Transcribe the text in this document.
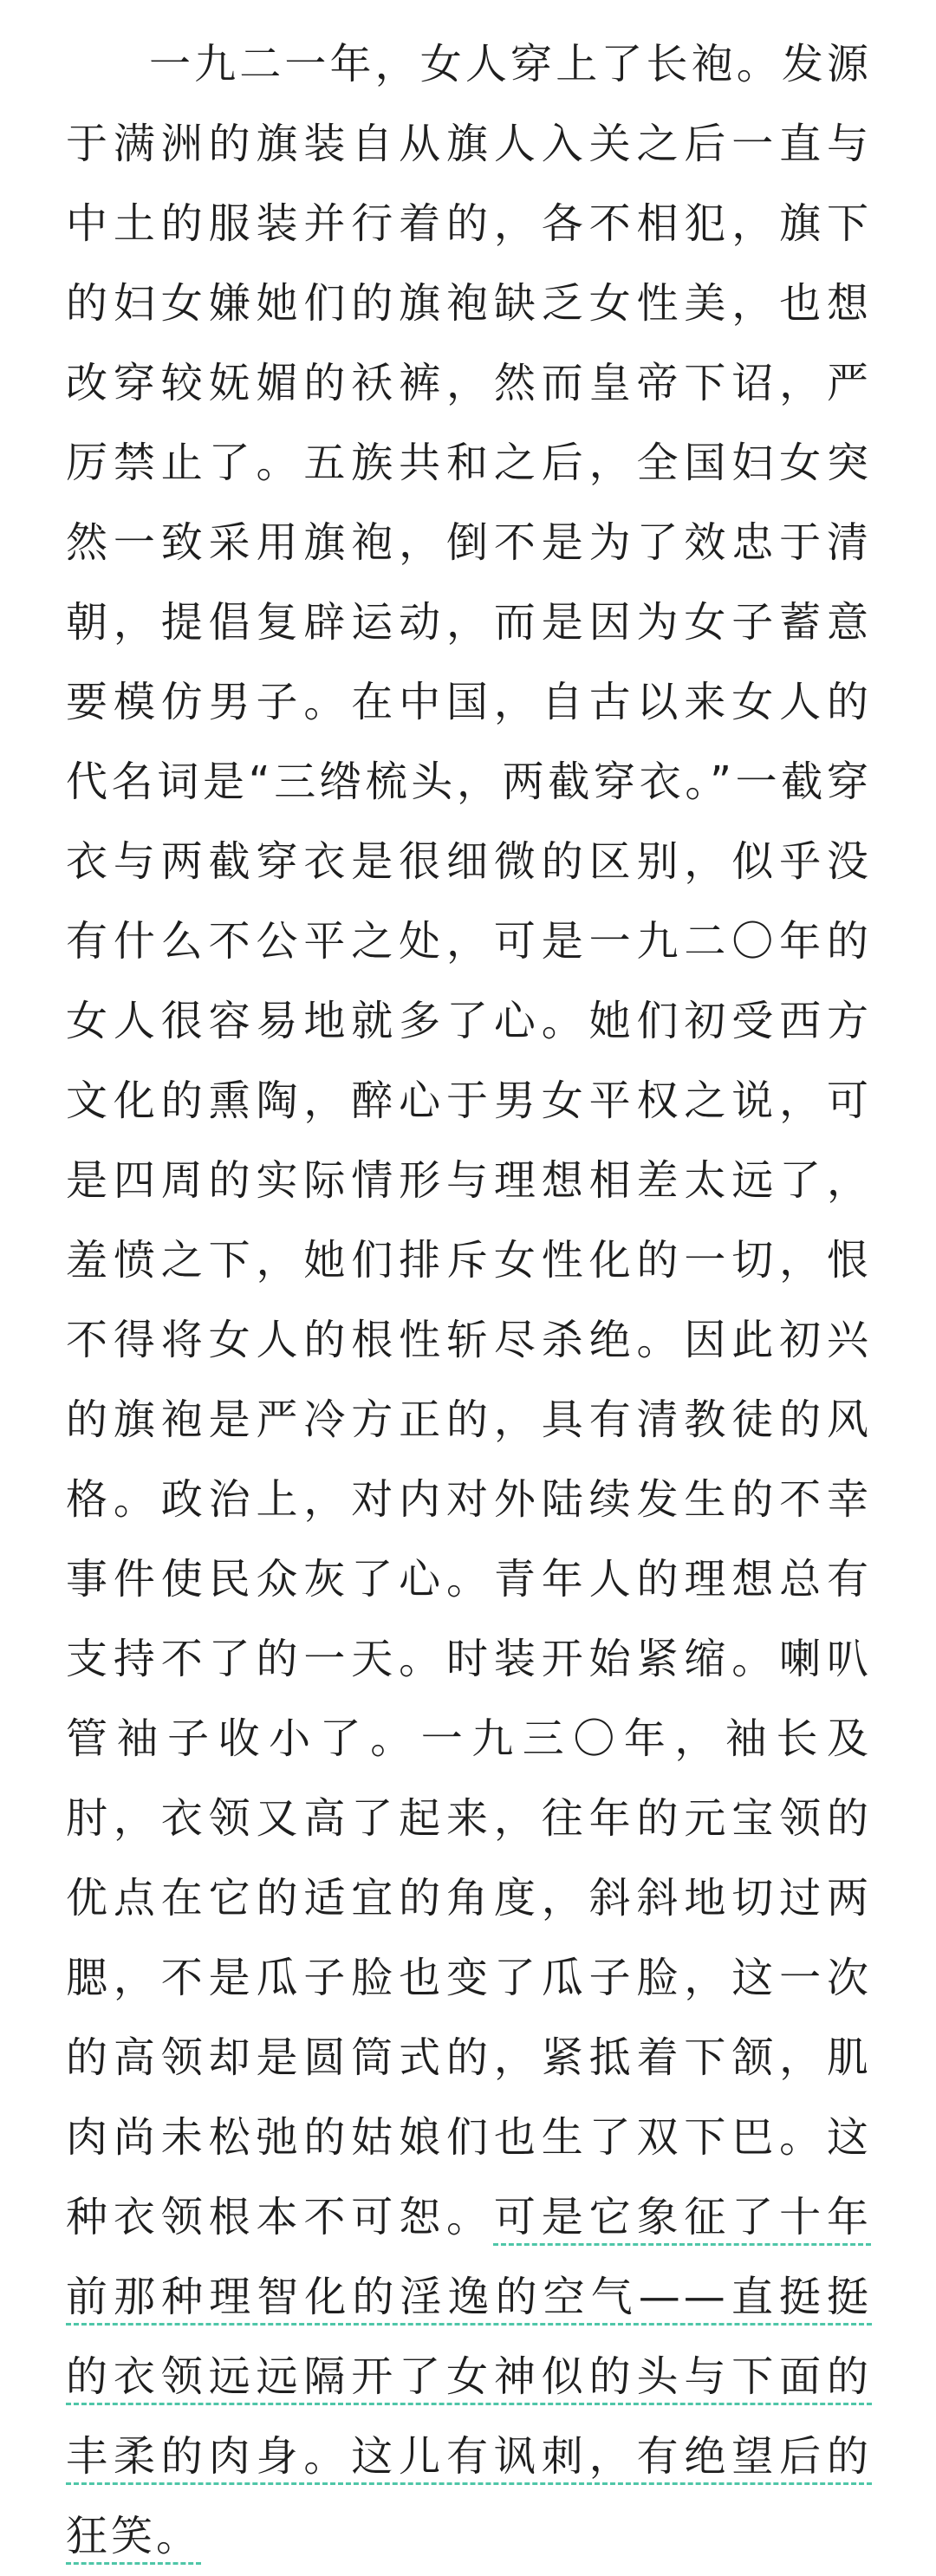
一九二一年，女人穿上了长袍。发源于满洲的旗装自从旗人入关之后一直与中土的服装并行着的，各不相犯，旗下的妇女嫌她们的旗袍缺乏女性美，也想改穿较妩媚的袄裤，然而皇帝下诏，严厉禁止了。五族共和之后，全国妇女突然一致采用旗袍，倒不是为了效忠于清朝，提倡复辟运动，而是因为女子蓄意要模仿男子。在中国，自古以来女人的代名词是“三绺梳头，两截穿衣。”一截穿衣与两截穿衣是很细微的区别，似乎没有什么不公平之处，可是一九二〇年的女人很容易地就多了心。她们初受西方文化的熏陶，醉心于男女平权之说，可是四周的实际情形与理想相差太远了，羞愤之下，她们排斥女性化的一切，恨不得将女人的根性斩尽杀绝。因此初兴的旗袍是严冷方正的，具有清教徒的风格。政治上，对内对外陆续发生的不幸事件使民众灰了心。青年人的理想总有支持不了的一天。时装开始紧缩。喇叭管袖子收小了。一九三〇年，袖长及肘，衣领又高了起来，往年的元宝领的优点在它的适宜的角度，斜斜地切过两腮，不是瓜子脸也变了瓜子脸，这一次的高领却是圆筒式的，紧抵着下颔，肌肉尚未松弛的姑娘们也生了双下巴。这种衣领根本不可恕。可是它象征了十年前那种理智化的淫逸的空气——直挺挺的衣领远远隔开了女神似的头与下面的丰柔的肉身。这儿有讽刺，有绝望后的狂笑。
